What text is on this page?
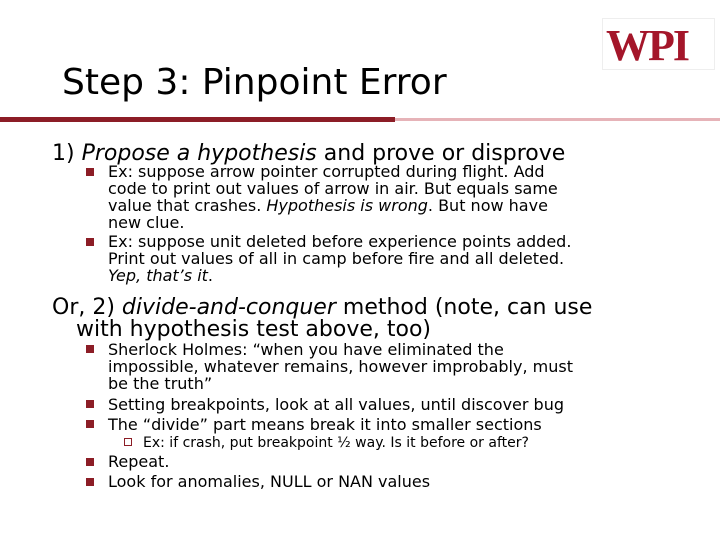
WPI
Step 3: Pinpoint Error
1) Propose a hypothesis and prove or disprove
Ex: suppose arrow pointer corrupted during flight. Add
code to print out values of arrow in air. But equals same
value that crashes. Hypothesis is wrong. But now have
new clue.
Ex: suppose unit deleted before experience points added.
Print out values of all in camp before fire and all deleted.
Yep, that’s it.
Or, 2) divide-and-conquer method (note, can use
with hypothesis test above, too)
Sherlock Holmes: “when you have eliminated the
impossible, whatever remains, however improbably, must
be the truth”
Setting breakpoints, look at all values, until discover bug
The “divide” part means break it into smaller sections
Ex: if crash, put breakpoint ½ way. Is it before or after?
Repeat.
Look for anomalies, NULL or NAN values
